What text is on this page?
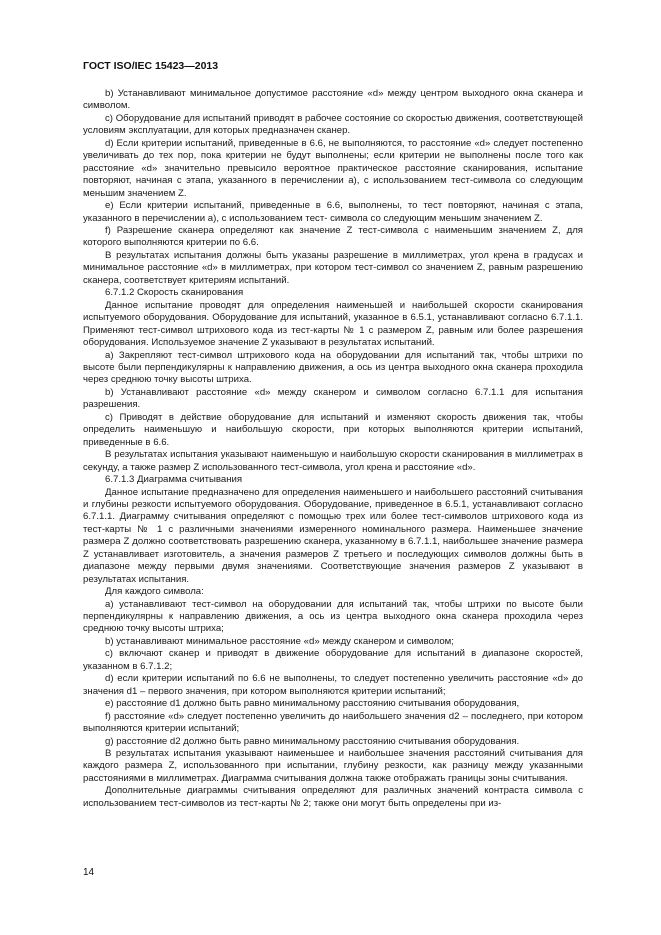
ГОСТ ISO/IEC 15423—2013

b) Устанавливают минимальное допустимое расстояние «d» между центром выходного окна сканера и символом.

c) Оборудование для испытаний приводят в рабочее состояние со скоростью движения, соответствующей условиям эксплуатации, для которых предназначен сканер.

d) Если критерии испытаний, приведенные в 6.6, не выполняются, то расстояние «d» следует постепенно увеличивать до тех пор, пока критерии не будут выполнены; если критерии не выполнены после того как расстояние «d» значительно превысило вероятное практическое расстояние сканирования, испытание повторяют, начиная с этапа, указанного в перечислении а), с использованием тест-символа со следующим меньшим значением Z.

e) Если критерии испытаний, приведенные в 6.6, выполнены, то тест повторяют, начиная с этапа, указанного в перечислении а), с использованием тест- символа со следующим меньшим значением Z.

f) Разрешение сканера определяют как значение Z тест-символа с наименьшим значением Z, для которого выполняются критерии по 6.6.

В результатах испытания должны быть указаны разрешение в миллиметрах, угол крена в градусах и минимальное расстояние «d» в миллиметрах, при котором тест-символ со значением Z, равным разрешению сканера, соответствует критериям испытаний.

6.7.1.2 Скорость сканирования

Данное испытание проводят для определения наименьшей и наибольшей скорости сканирования испытуемого оборудования. Оборудование для испытаний, указанное в 6.5.1, устанавливают согласно 6.7.1.1. Применяют тест-символ штрихового кода из тест-карты № 1 с размером Z, равным или более разрешения оборудования. Используемое значение Z указывают в результатах испытаний.

а) Закрепляют тест-символ штрихового кода на оборудовании для испытаний так, чтобы штрихи по высоте были перпендикулярны к направлению движения, а ось из центра выходного окна сканера проходила через среднюю точку высоты штриха.

b) Устанавливают расстояние «d» между сканером и символом согласно 6.7.1.1 для испытания разрешения.

c) Приводят в действие оборудование для испытаний и изменяют скорость движения так, чтобы определить наименьшую и наибольшую скорости, при которых выполняются критерии испытаний, приведенные в 6.6.

В результатах испытания указывают наименьшую и наибольшую скорости сканирования в миллиметрах в секунду, а также размер Z использованного тест-символа, угол крена и расстояние «d».

6.7.1.3 Диаграмма считывания

Данное испытание предназначено для определения наименьшего и наибольшего расстояний считывания и глубины резкости испытуемого оборудования. Оборудование, приведенное в 6.5.1, устанавливают согласно 6.7.1.1. Диаграмму считывания определяют с помощью трех или более тест-символов штрихового кода из тест-карты № 1 с различными значениями измеренного номинального размера. Наименьшее значение размера Z должно соответствовать разрешению сканера, указанному в 6.7.1.1, наибольшее значение размера Z устанавливает изготовитель, а значения размеров Z третьего и последующих символов должны быть в диапазоне между первыми двумя значениями. Соответствующие значения размеров Z указывают в результатах испытания.

Для каждого символа:

а) устанавливают тест-символ на оборудовании для испытаний так, чтобы штрихи по высоте были перпендикулярны к направлению движения, а ось из центра выходного окна сканера проходила через среднюю точку высоты штриха;

b) устанавливают минимальное расстояние «d» между сканером и символом;

c) включают сканер и приводят в движение оборудование для испытаний в диапазоне скоростей, указанном в 6.7.1.2;

d) если критерии испытаний по 6.6 не выполнены, то следует постепенно увеличить расстояние «d» до значения d1 – первого значения, при котором выполняются критерии испытаний;

e) расстояние d1 должно быть равно минимальному расстоянию считывания оборудования,

f) расстояние «d» следует постепенно увеличить до наибольшего значения d2 – последнего, при котором выполняются критерии испытаний;

g) расстояние d2 должно быть равно минимальному расстоянию считывания оборудования.

В результатах испытания указывают наименьшее и наибольшее значения расстояний считывания для каждого размера Z, использованного при испытании, глубину резкости, как разницу между указанными расстояниями в миллиметрах. Диаграмма считывания должна также отображать границы зоны считывания.

Дополнительные диаграммы считывания определяют для различных значений контраста символа с использованием тест-символов из тест-карты № 2; также они могут быть определены при из-

14
